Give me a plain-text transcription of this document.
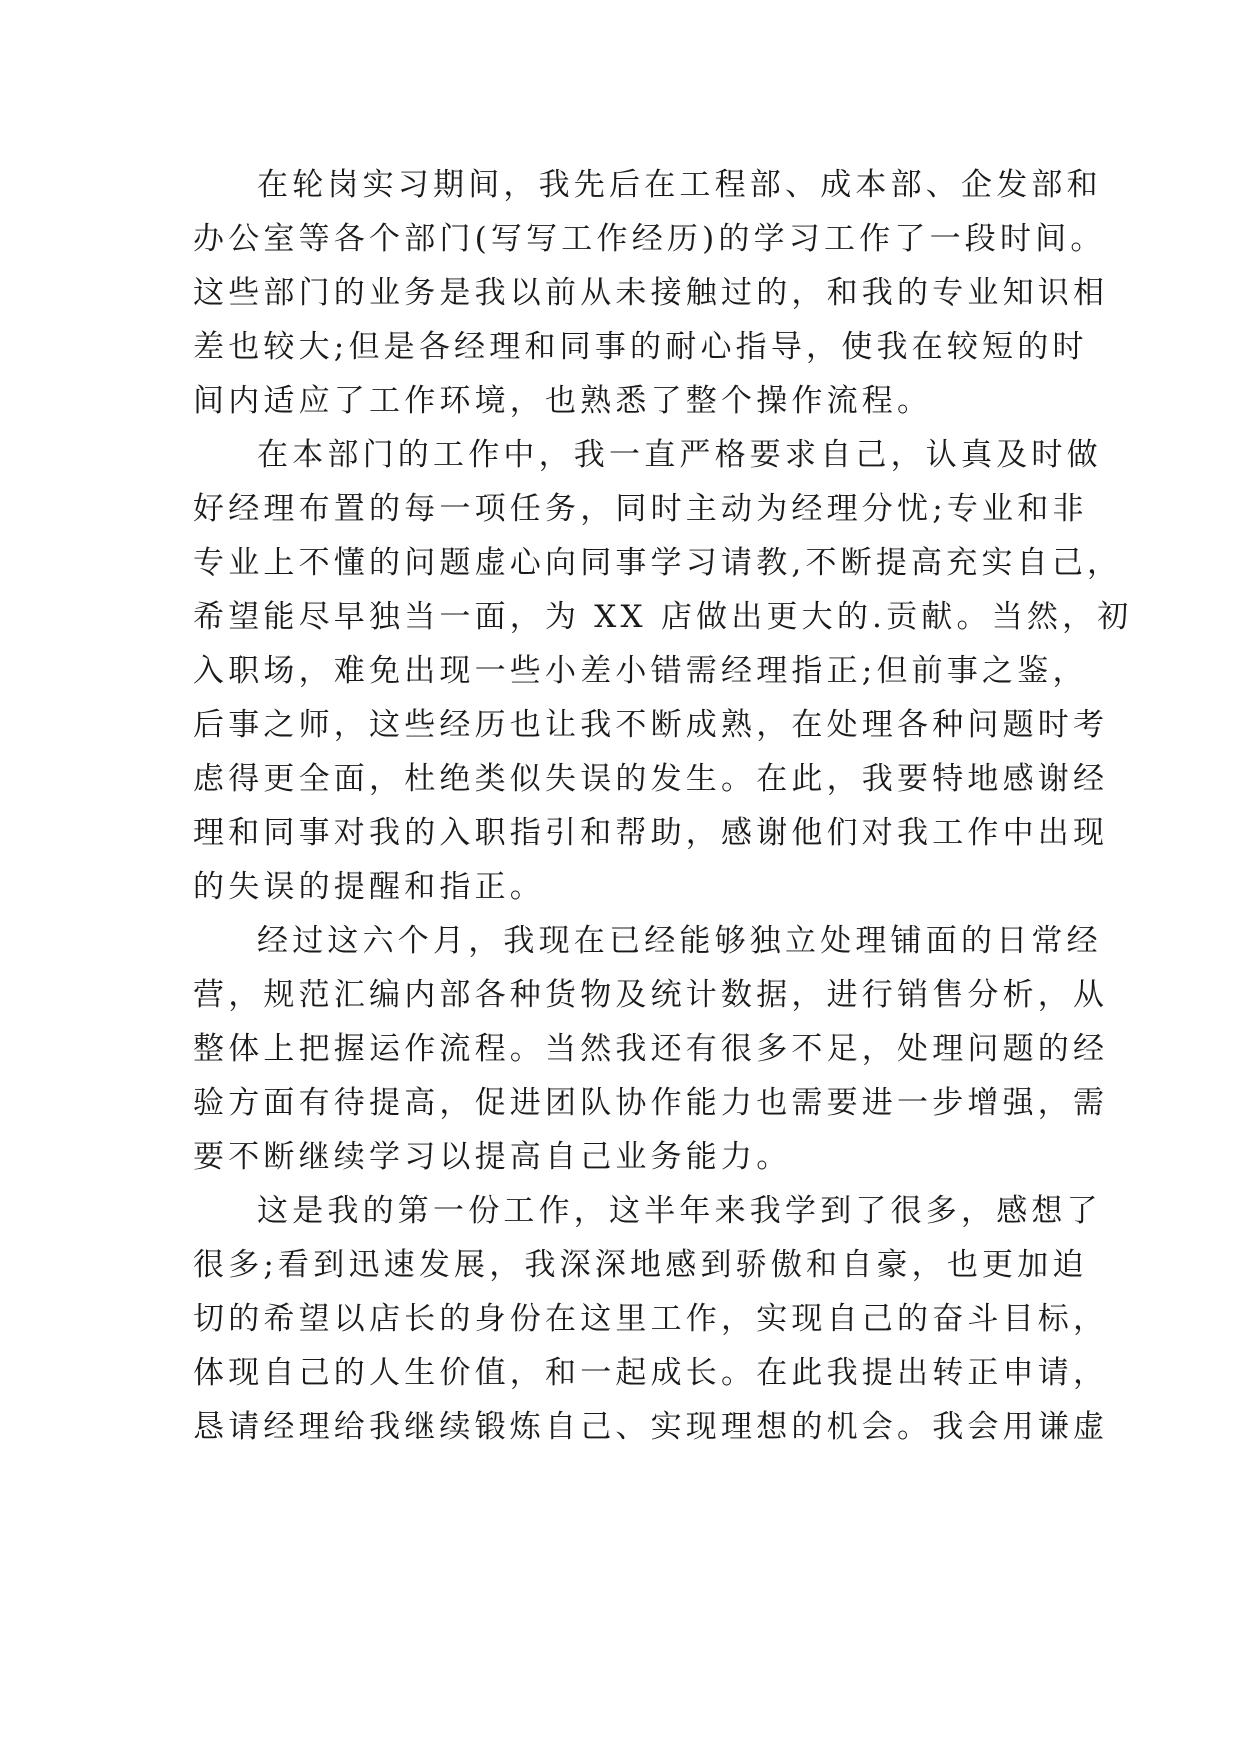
在轮岗实习期间，我先后在工程部、成本部、企发部和
办公室等各个部门(写写工作经历)的学习工作了一段时间。
这些部门的业务是我以前从未接触过的，和我的专业知识相
差也较大;但是各经理和同事的耐心指导，使我在较短的时
间内适应了工作环境，也熟悉了整个操作流程。
在本部门的工作中，我一直严格要求自己，认真及时做
好经理布置的每一项任务，同时主动为经理分忧;专业和非
专业上不懂的问题虚心向同事学习请教,不断提高充实自己，
希望能尽早独当一面，为 XX 店做出更大的.贡献。当然，初
入职场，难免出现一些小差小错需经理指正;但前事之鉴，
后事之师，这些经历也让我不断成熟，在处理各种问题时考
虑得更全面，杜绝类似失误的发生。在此，我要特地感谢经
理和同事对我的入职指引和帮助，感谢他们对我工作中出现
的失误的提醒和指正。
经过这六个月，我现在已经能够独立处理铺面的日常经
营，规范汇编内部各种货物及统计数据，进行销售分析，从
整体上把握运作流程。当然我还有很多不足，处理问题的经
验方面有待提高，促进团队协作能力也需要进一步增强，需
要不断继续学习以提高自己业务能力。
这是我的第一份工作，这半年来我学到了很多，感想了
很多;看到迅速发展，我深深地感到骄傲和自豪，也更加迫
切的希望以店长的身份在这里工作，实现自己的奋斗目标，
体现自己的人生价值，和一起成长。在此我提出转正申请，
恳请经理给我继续锻炼自己、实现理想的机会。我会用谦虚
